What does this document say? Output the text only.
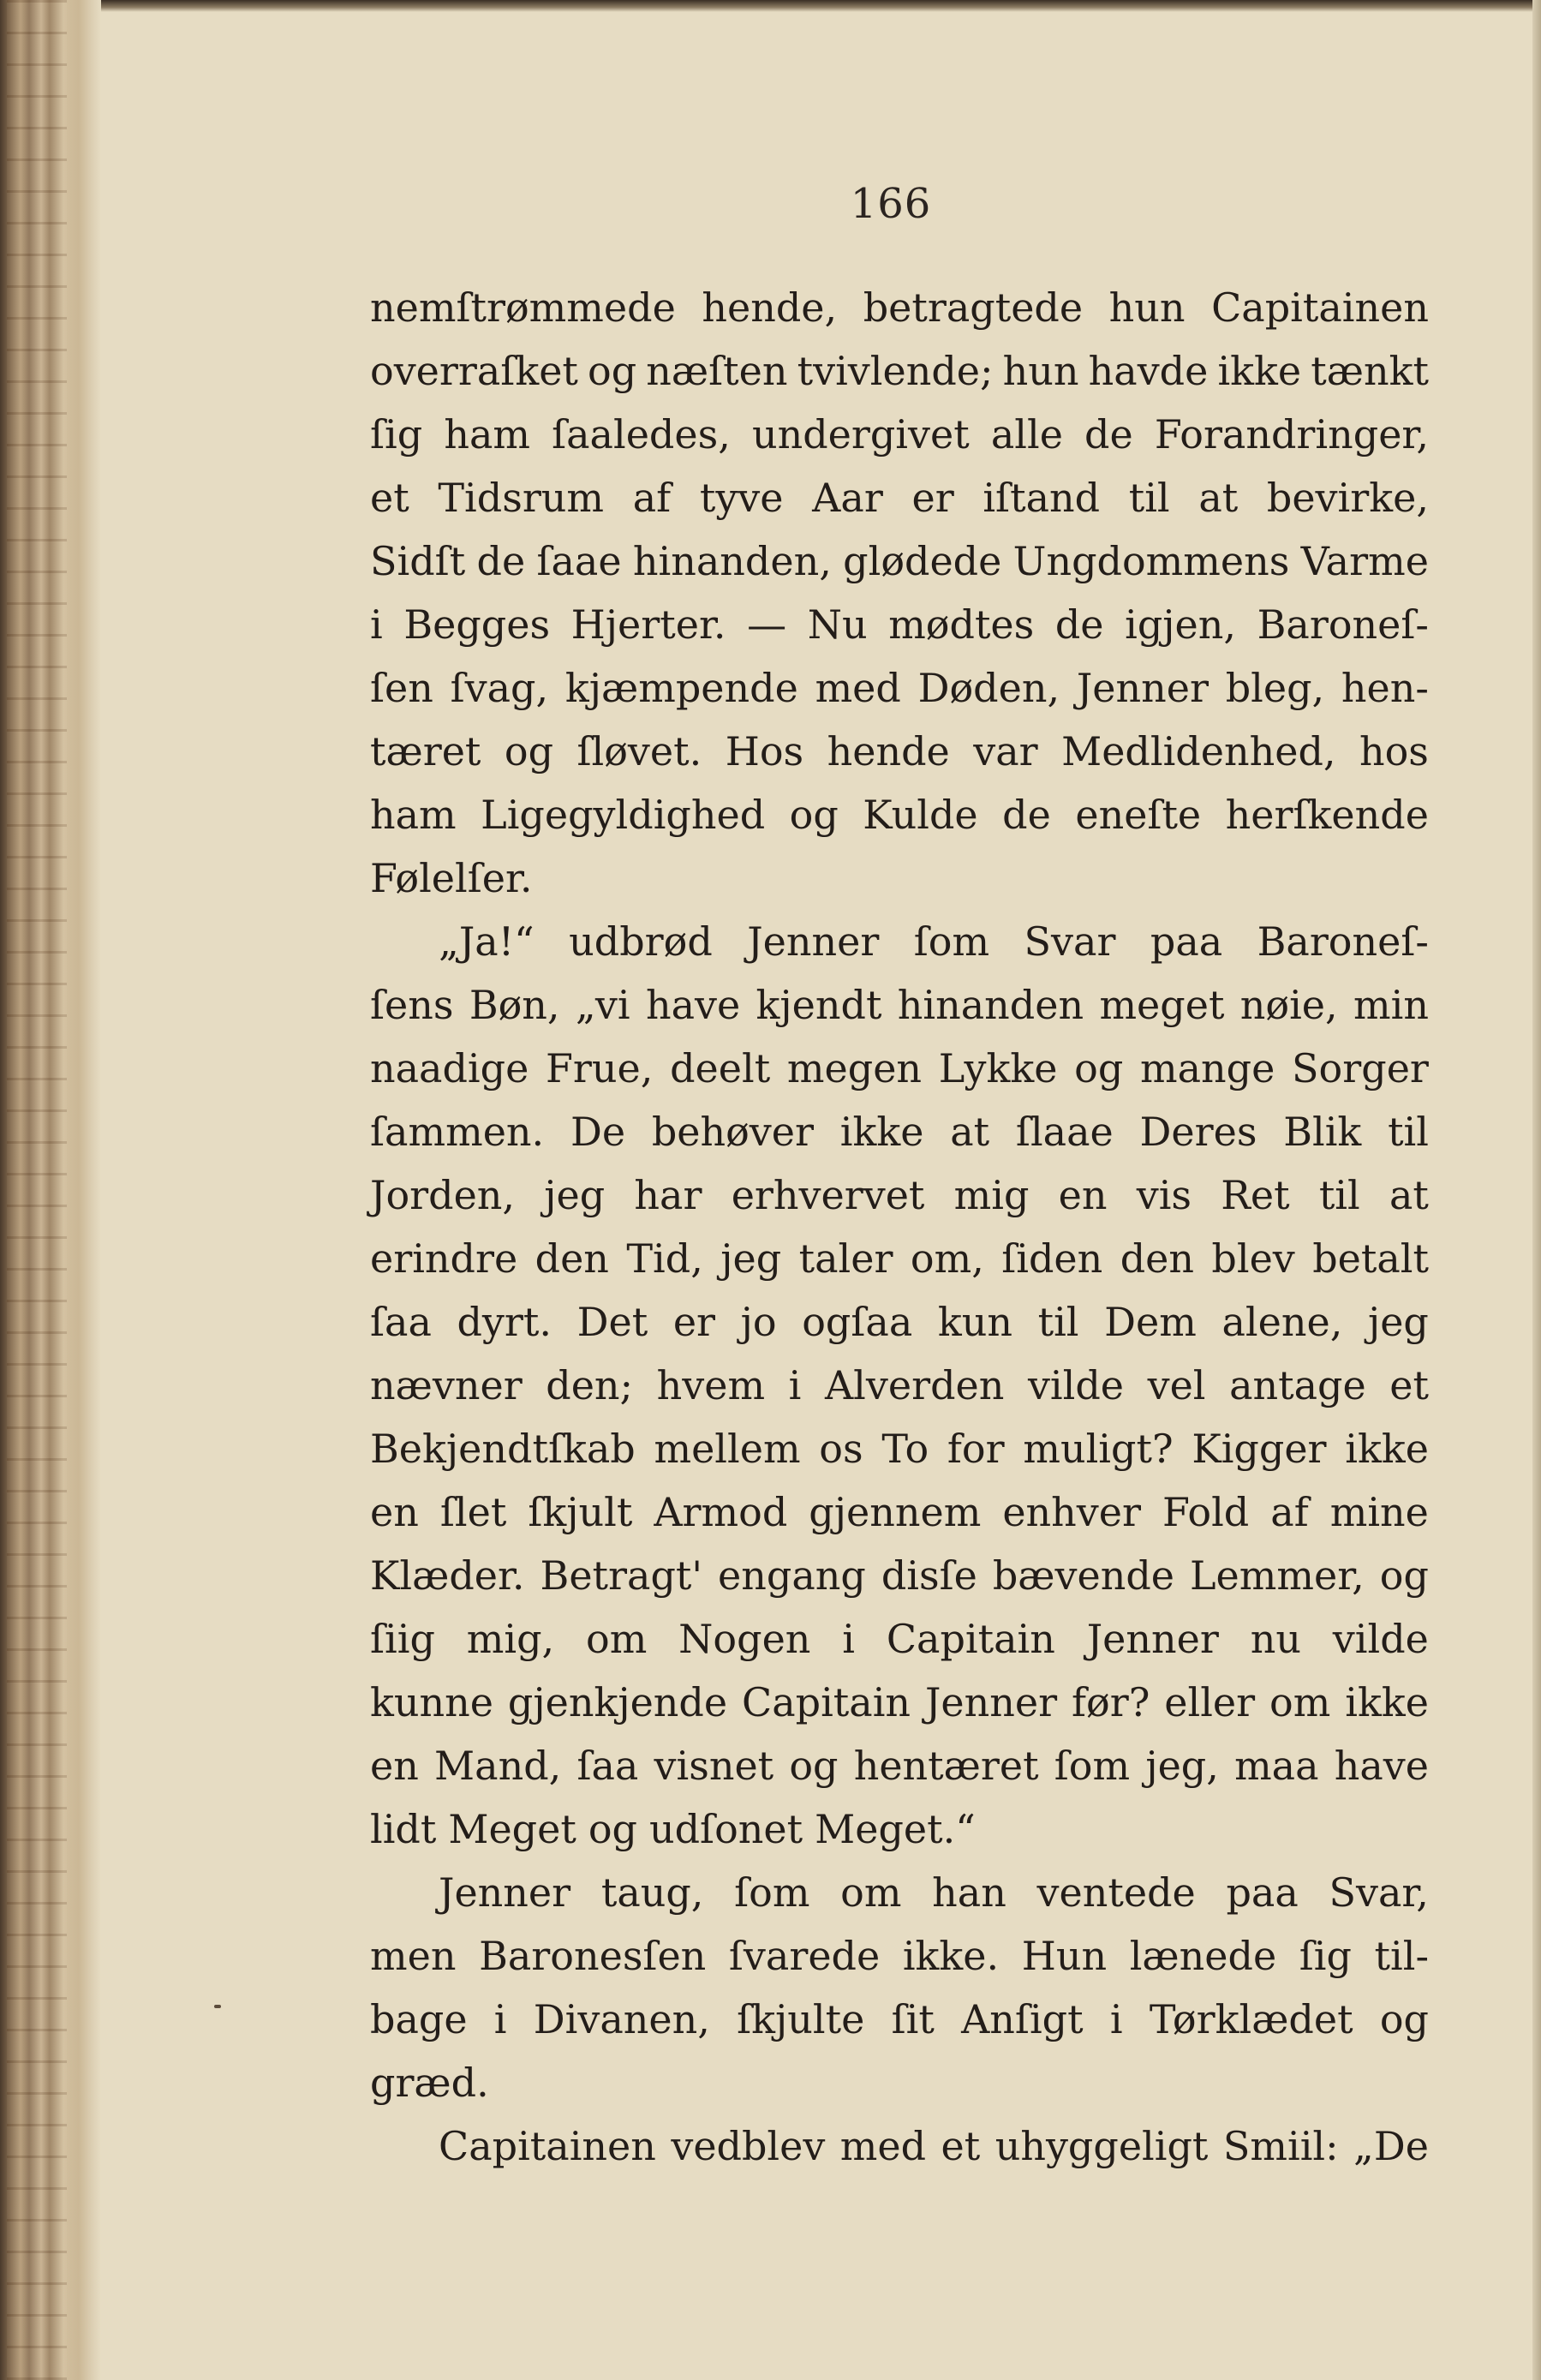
166
nemſtrømmede hende, betragtede hun Capitainen
overraſket og næſten tvivlende; hun havde ikke tænkt
ſig ham ſaaledes, undergivet alle de Forandringer,
et Tidsrum af tyve Aar er iſtand til at bevirke,
Sidſt de ſaae hinanden, glødede Ungdommens Varme
i Begges Hjerter. — Nu mødtes de igjen, Baroneſ-
ſen ſvag, kjæmpende med Døden, Jenner bleg, hen-
tæret og ſløvet. Hos hende var Medlidenhed, hos
ham Ligegyldighed og Kulde de eneſte herſkende
Følelſer.
„Ja!“ udbrød Jenner ſom Svar paa Baroneſ-
ſens Bøn, „vi have kjendt hinanden meget nøie, min
naadige Frue, deelt megen Lykke og mange Sorger
ſammen. De behøver ikke at ſlaae Deres Blik til
Jorden, jeg har erhvervet mig en vis Ret til at
erindre den Tid, jeg taler om, ſiden den blev betalt
ſaa dyrt. Det er jo ogſaa kun til Dem alene, jeg
nævner den; hvem i Alverden vilde vel antage et
Bekjendtſkab mellem os To for muligt? Kigger ikke
en ſlet ſkjult Armod gjennem enhver Fold af mine
Klæder. Betragt' engang disſe bævende Lemmer, og
ſiig mig, om Nogen i Capitain Jenner nu vilde
kunne gjenkjende Capitain Jenner før? eller om ikke
en Mand, ſaa visnet og hentæret ſom jeg, maa have
lidt Meget og udſonet Meget.“
Jenner taug, ſom om han ventede paa Svar,
men Baronesſen ſvarede ikke. Hun lænede ſig til-
bage i Divanen, ſkjulte ſit Anſigt i Tørklædet og
græd.
Capitainen vedblev med et uhyggeligt Smiil: „De
